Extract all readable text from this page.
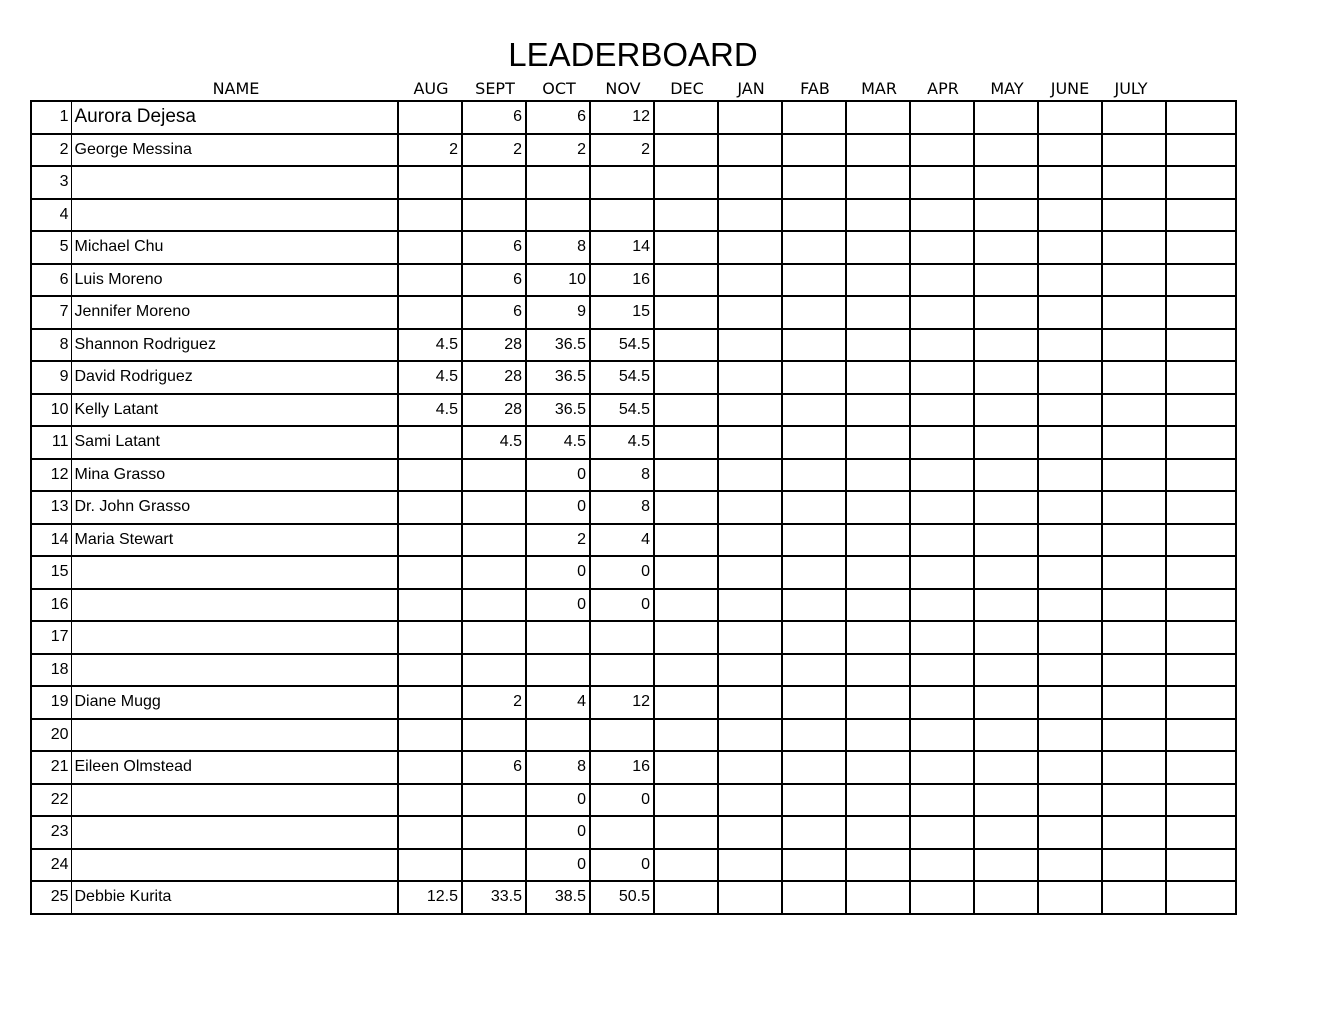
LEADERBOARD
NAME	AUG	SEPT	OCT	NOV	DEC	JAN	FAB	MAR	APR	MAY	JUNE	JULY
1	Aurora Dejesa		6	6	12									
2	George Messina	2	2	2	2									
3														
4														
5	Michael Chu		6	8	14									
6	Luis Moreno		6	10	16									
7	Jennifer Moreno		6	9	15									
8	Shannon Rodriguez	4.5	28	36.5	54.5									
9	David Rodriguez	4.5	28	36.5	54.5									
10	Kelly Latant	4.5	28	36.5	54.5									
11	Sami Latant		4.5	4.5	4.5									
12	Mina Grasso			0	8									
13	Dr. John Grasso			0	8									
14	Maria Stewart			2	4									
15				0	0									
16				0	0									
17														
18														
19	Diane Mugg		2	4	12									
20														
21	Eileen Olmstead		6	8	16									
22				0	0									
23				0										
24				0	0									
25	Debbie Kurita	12.5	33.5	38.5	50.5									
